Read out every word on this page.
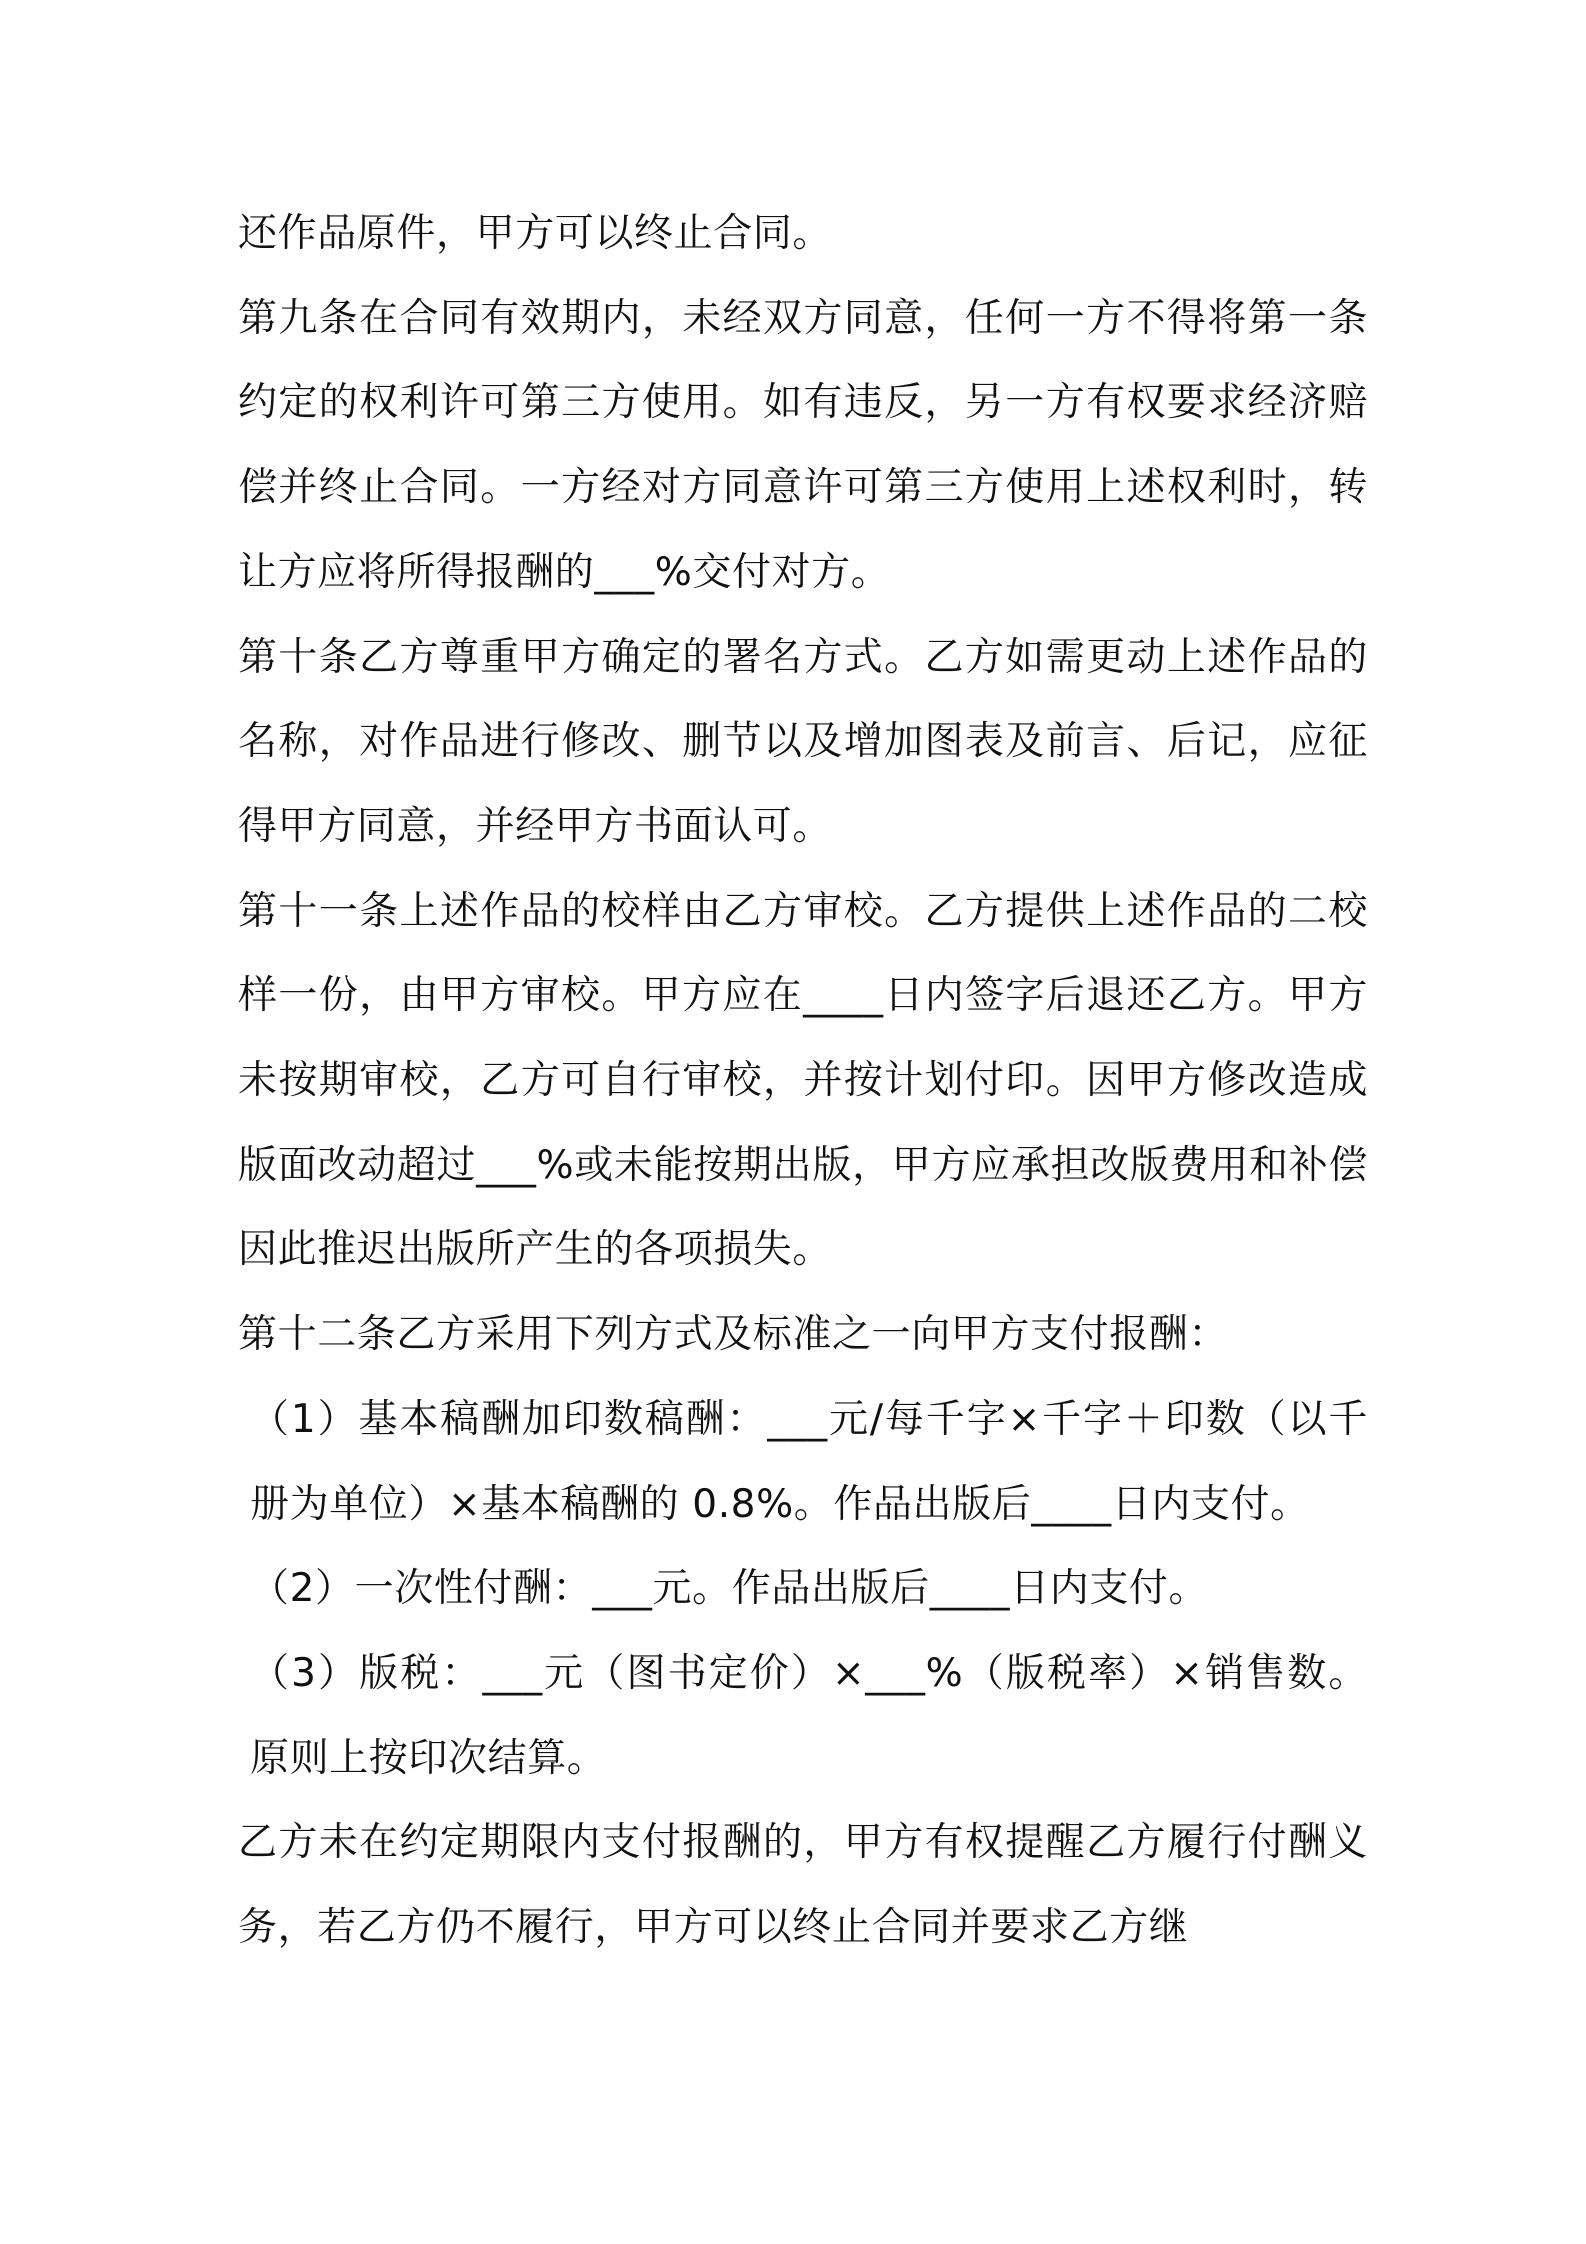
还作品原件，甲方可以终止合同。

第九条在合同有效期内，未经双方同意，任何一方不得将第一条约定的权利许可第三方使用。如有违反，另一方有权要求经济赔偿并终止合同。一方经对方同意许可第三方使用上述权利时，转让方应将所得报酬的___%交付对方。

第十条乙方尊重甲方确定的署名方式。乙方如需更动上述作品的名称，对作品进行修改、删节以及增加图表及前言、后记，应征得甲方同意，并经甲方书面认可。

第十一条上述作品的校样由乙方审校。乙方提供上述作品的二校样一份，由甲方审校。甲方应在____日内签字后退还乙方。甲方未按期审校，乙方可自行审校，并按计划付印。因甲方修改造成版面改动超过___%或未能按期出版，甲方应承担改版费用和补偿因此推迟出版所产生的各项损失。

第十二条乙方采用下列方式及标准之一向甲方支付报酬：

（1）基本稿酬加印数稿酬：___元/每千字×千字＋印数（以千册为单位）×基本稿酬的 0.8%。作品出版后____日内支付。

（2）一次性付酬：___元。作品出版后____日内支付。

（3）版税：___元（图书定价）×___%（版税率）×销售数。原则上按印次结算。

乙方未在约定期限内支付报酬的，甲方有权提醒乙方履行付酬义务，若乙方仍不履行，甲方可以终止合同并要求乙方继
